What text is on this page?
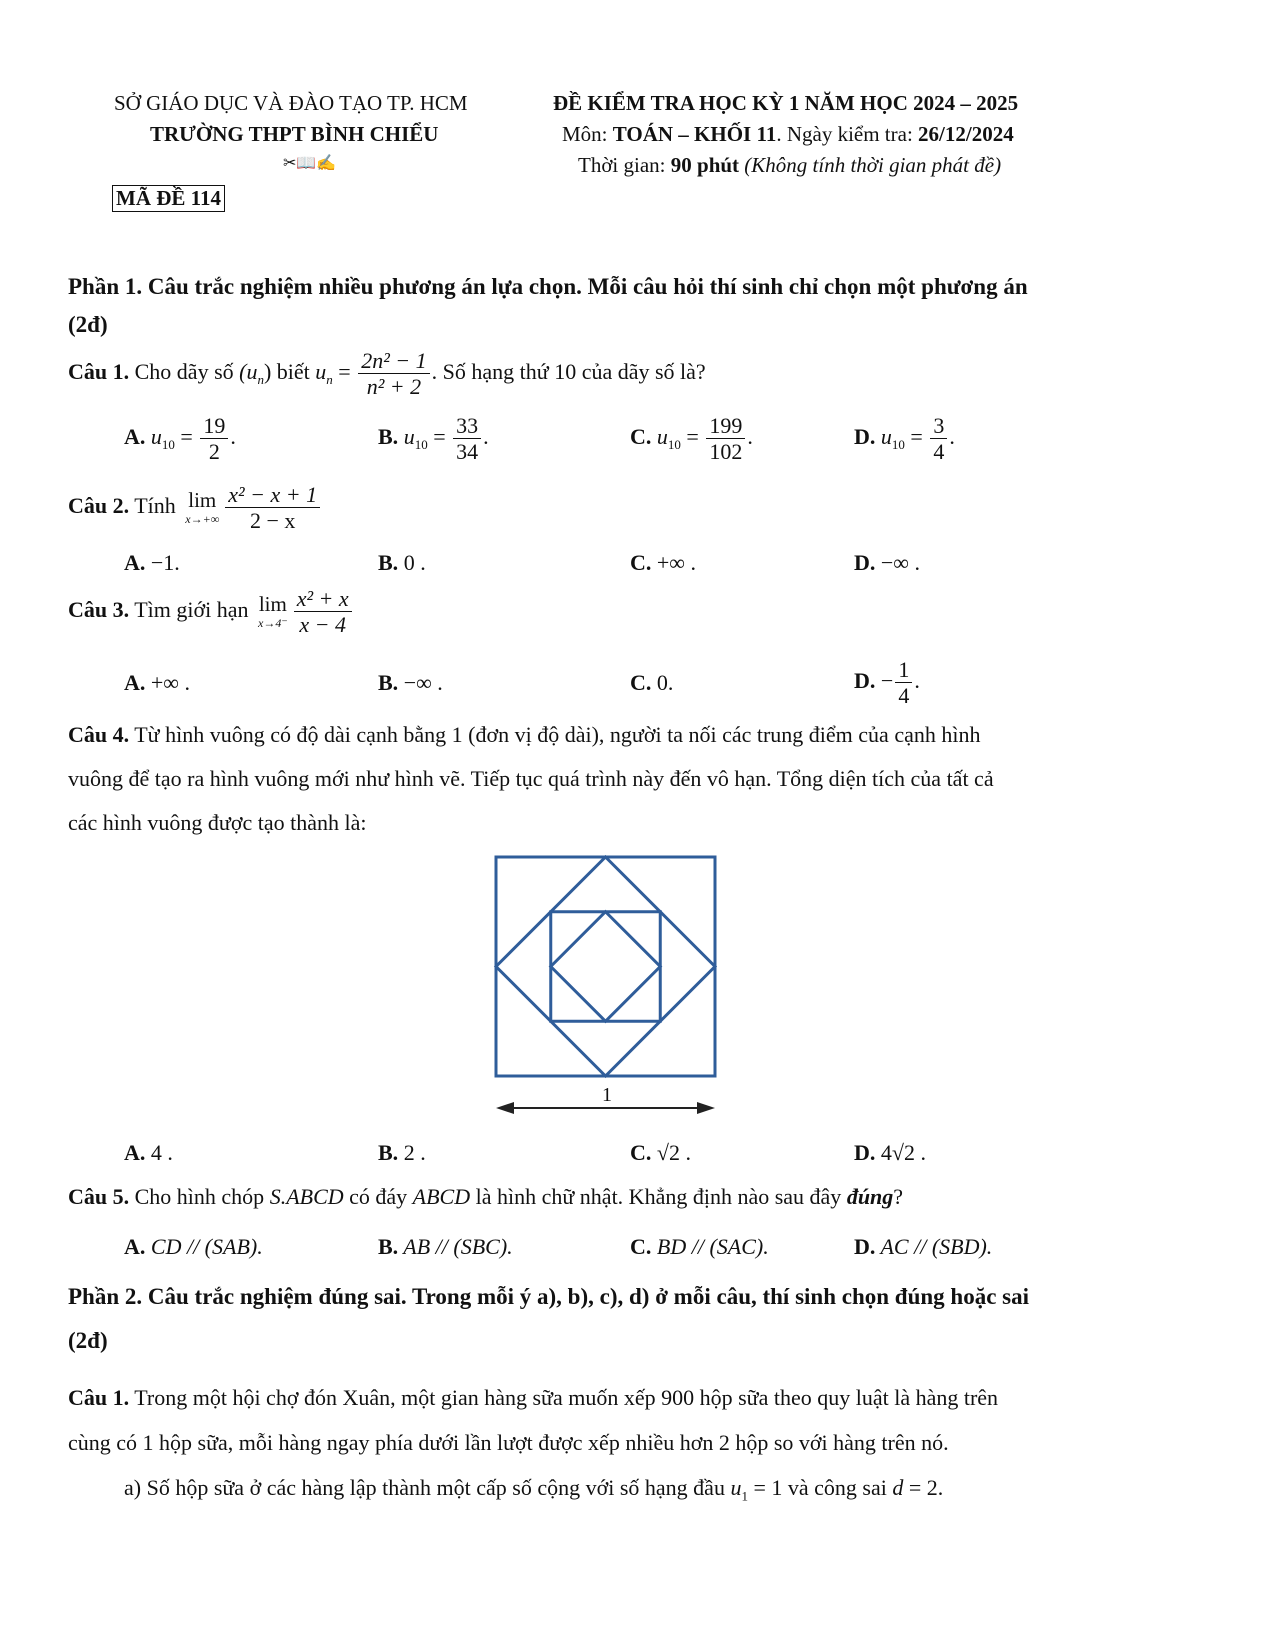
SỞ GIÁO DỤC VÀ ĐÀO TẠO TP. HCM
TRƯỜNG THPT BÌNH CHIỂU
✂📖✍
MÃ ĐỀ 114
ĐỀ KIỂM TRA HỌC KỲ 1 NĂM HỌC 2024 – 2025
Môn: TOÁN – KHỐI 11. Ngày kiểm tra: 26/12/2024
Thời gian: 90 phút (Không tính thời gian phát đề)
Phần 1. Câu trắc nghiệm nhiều phương án lựa chọn. Mỗi câu hỏi thí sinh chỉ chọn một phương án
(2đ)
Câu 1. Cho dãy số $(u_n)$ biết $u_n = \frac{\text{2n² − 1}}{\text{n² + 2}}$ . Số hạng thứ 10 của dãy số là?
A. $u_{10} = \frac{19}{2}$ .	B. $u_{10} = \frac{33}{34}$ .	C. $u_{10} = \frac{199}{102}$ .	D. $u_{10} = \frac{3}{4}$ .
Câu 2. Tính lim
$x\to+\infty \frac{\text{x² − x + 1}}{2 - x}$
A. −1.	B. 0 .	C. +∞ .	D. −∞ .
Câu 3. Tìm giới hạn lim
$x\to 4^- \frac{\text{x² + x}}{x - 4}$
A. +∞ .	B. −∞ .	C. 0.	D. − $\frac{1}{4}$ .
Câu 4. Từ hình vuông có độ dài cạnh bằng 1 (đơn vị độ dài), người ta nối các trung điểm của cạnh hình
vuông để tạo ra hình vuông mới như hình vẽ. Tiếp tục quá trình này đến vô hạn. Tổng diện tích của tất cả
các hình vuông được tạo thành là:
1
A. 4 .	B. 2 .	C. √2 .	D. 4√2 .
Câu 5. Cho hình chóp S.ABCD có đáy ABCD là hình chữ nhật. Khẳng định nào sau đây đúng?
A. CD // (SAB).	B. AB // (SBC).	C. BD // (SAC).	D. AC // (SBD).
Phần 2. Câu trắc nghiệm đúng sai. Trong mỗi ý a), b), c), d) ở mỗi câu, thí sinh chọn đúng hoặc sai
(2đ)
Câu 1. Trong một hội chợ đón Xuân, một gian hàng sữa muốn xếp 900 hộp sữa theo quy luật là hàng trên
cùng có 1 hộp sữa, mỗi hàng ngay phía dưới lần lượt được xếp nhiều hơn 2 hộp so với hàng trên nó.
a) Số hộp sữa ở các hàng lập thành một cấp số cộng với số hạng đầu $u_1 = 1$ và công sai d = 2.
